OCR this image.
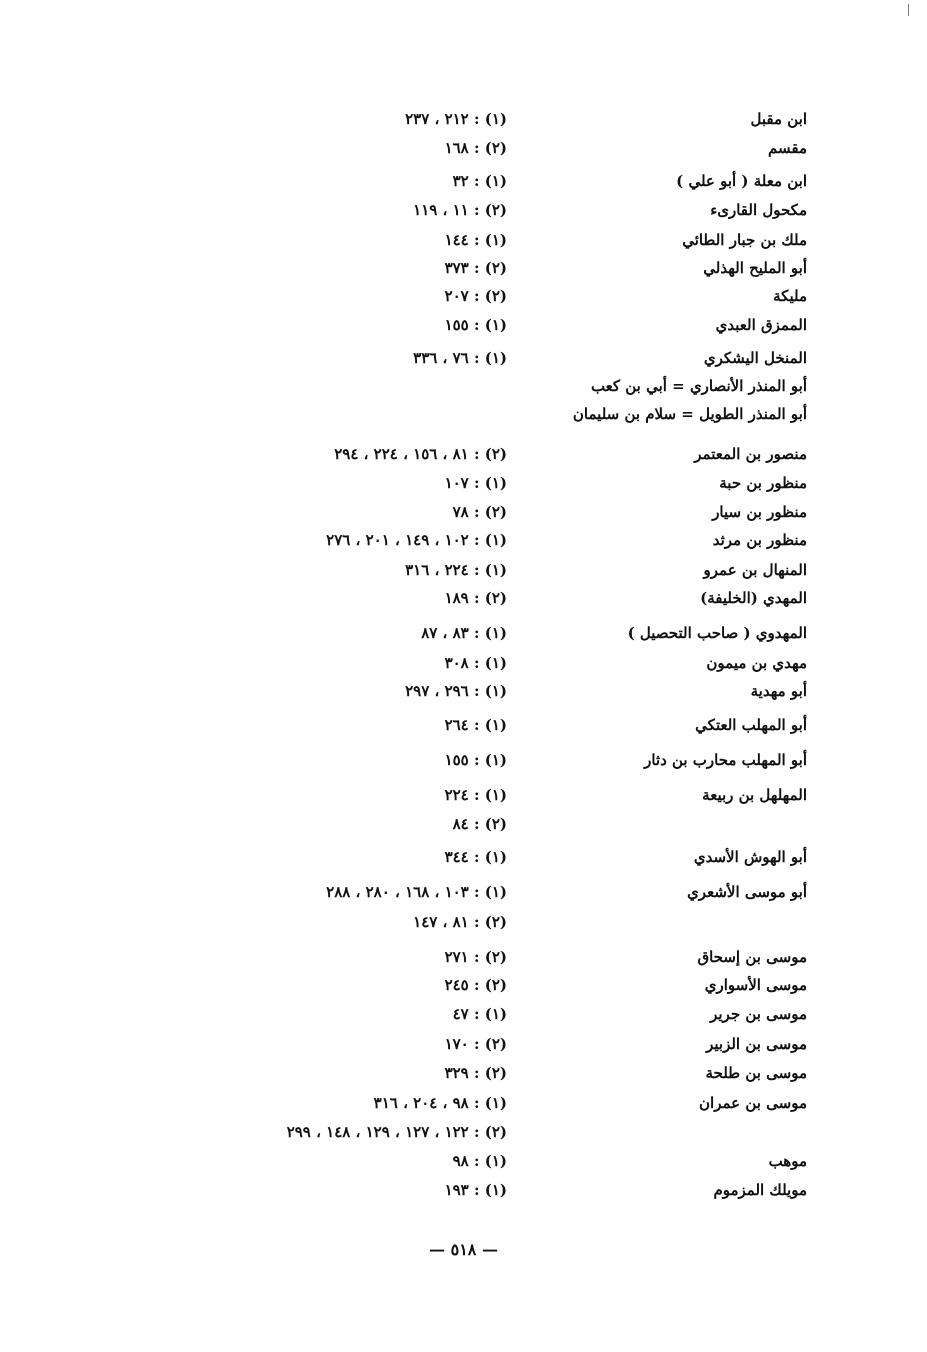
ابن مقبل
(١) : ٢١٢ ، ٢٣٧
مقسم
(٢) : ١٦٨
ابن معلة ( أبو علي )
(١) : ٣٢
مكحول القارىء
(٢) : ١١ ، ١١٩
ملك بن جبار الطائي
(١) : ١٤٤
أبو المليح الهذلي
(٢) : ٣٧٣
مليكة
(٢) : ٢٠٧
الممزق العبدي
(١) : ١٥٥
المنخل اليشكري
(١) : ٧٦ ، ٣٣٦
أبو المنذر الأنصاري = أبي بن كعب
أبو المنذر الطويل = سلام بن سليمان
منصور بن المعتمر
(٢) : ٨١ ، ١٥٦ ، ٢٢٤ ، ٢٩٤
منظور بن حبة
(١) : ١٠٧
منظور بن سيار
(٢) : ٧٨
منظور بن مرثد
(١) : ١٠٢ ، ١٤٩ ، ٢٠١ ، ٢٧٦
المنهال بن عمرو
(١) : ٢٢٤ ، ٣١٦
المهدي (الخليفة)
(٢) : ١٨٩
المهدوي ( صاحب التحصيل )
(١) : ٨٣ ، ٨٧
مهدي بن ميمون
(١) : ٣٠٨
أبو مهدية
(١) : ٢٩٦ ، ٢٩٧
أبو المهلب العتكي
(١) : ٢٦٤
أبو المهلب محارب بن دثار
(١) : ١٥٥
المهلهل بن ربيعة
(١) : ٢٢٤
(٢) : ٨٤
أبو الهوش الأسدي
(١) : ٣٤٤
أبو موسى الأشعري
(١) : ١٠٣ ، ١٦٨ ، ٢٨٠ ، ٢٨٨
(٢) : ٨١ ، ١٤٧
موسى بن إسحاق
(٢) : ٢٧١
موسى الأسواري
(٢) : ٢٤٥
موسى بن جرير
(١) : ٤٧
موسى بن الزبير
(٢) : ١٧٠
موسى بن طلحة
(٢) : ٣٢٩
موسى بن عمران
(١) : ٩٨ ، ٢٠٤ ، ٣١٦
(٢) : ١٢٢ ، ١٢٧ ، ١٢٩ ، ١٤٨ ، ٢٩٩
موهب
(١) : ٩٨
مويلك المزموم
(١) : ١٩٣
— ٥١٨ —
